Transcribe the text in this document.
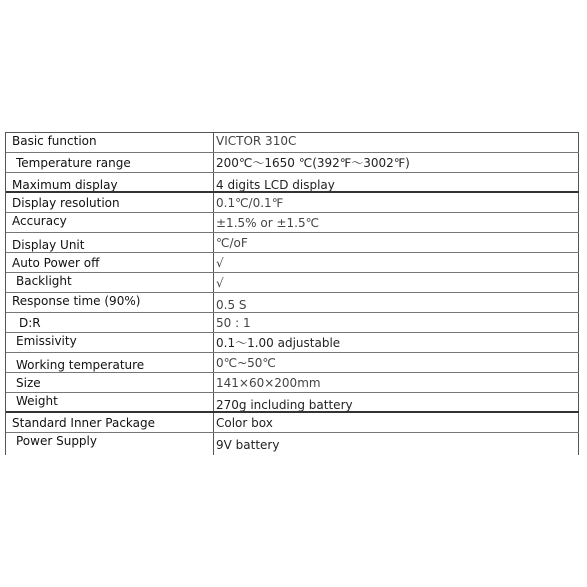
Basic function	VICTOR 310C
Temperature range	200℃～1650 ℃(392℉～3002℉)
Maximum display	4 digits LCD display
Display resolution	0.1℃/0.1℉
Accuracy	±1.5% or ±1.5℃
Display Unit	℃/oF
Auto Power off	√
Backlight	√
Response time (90%)	0.5 S
D:R	50 : 1
Emissivity	0.1～1.00 adjustable
Working temperature	0℃~50℃
Size	141×60×200mm
Weight	270g including battery
Standard Inner Package	Color box
Power Supply	9V battery
